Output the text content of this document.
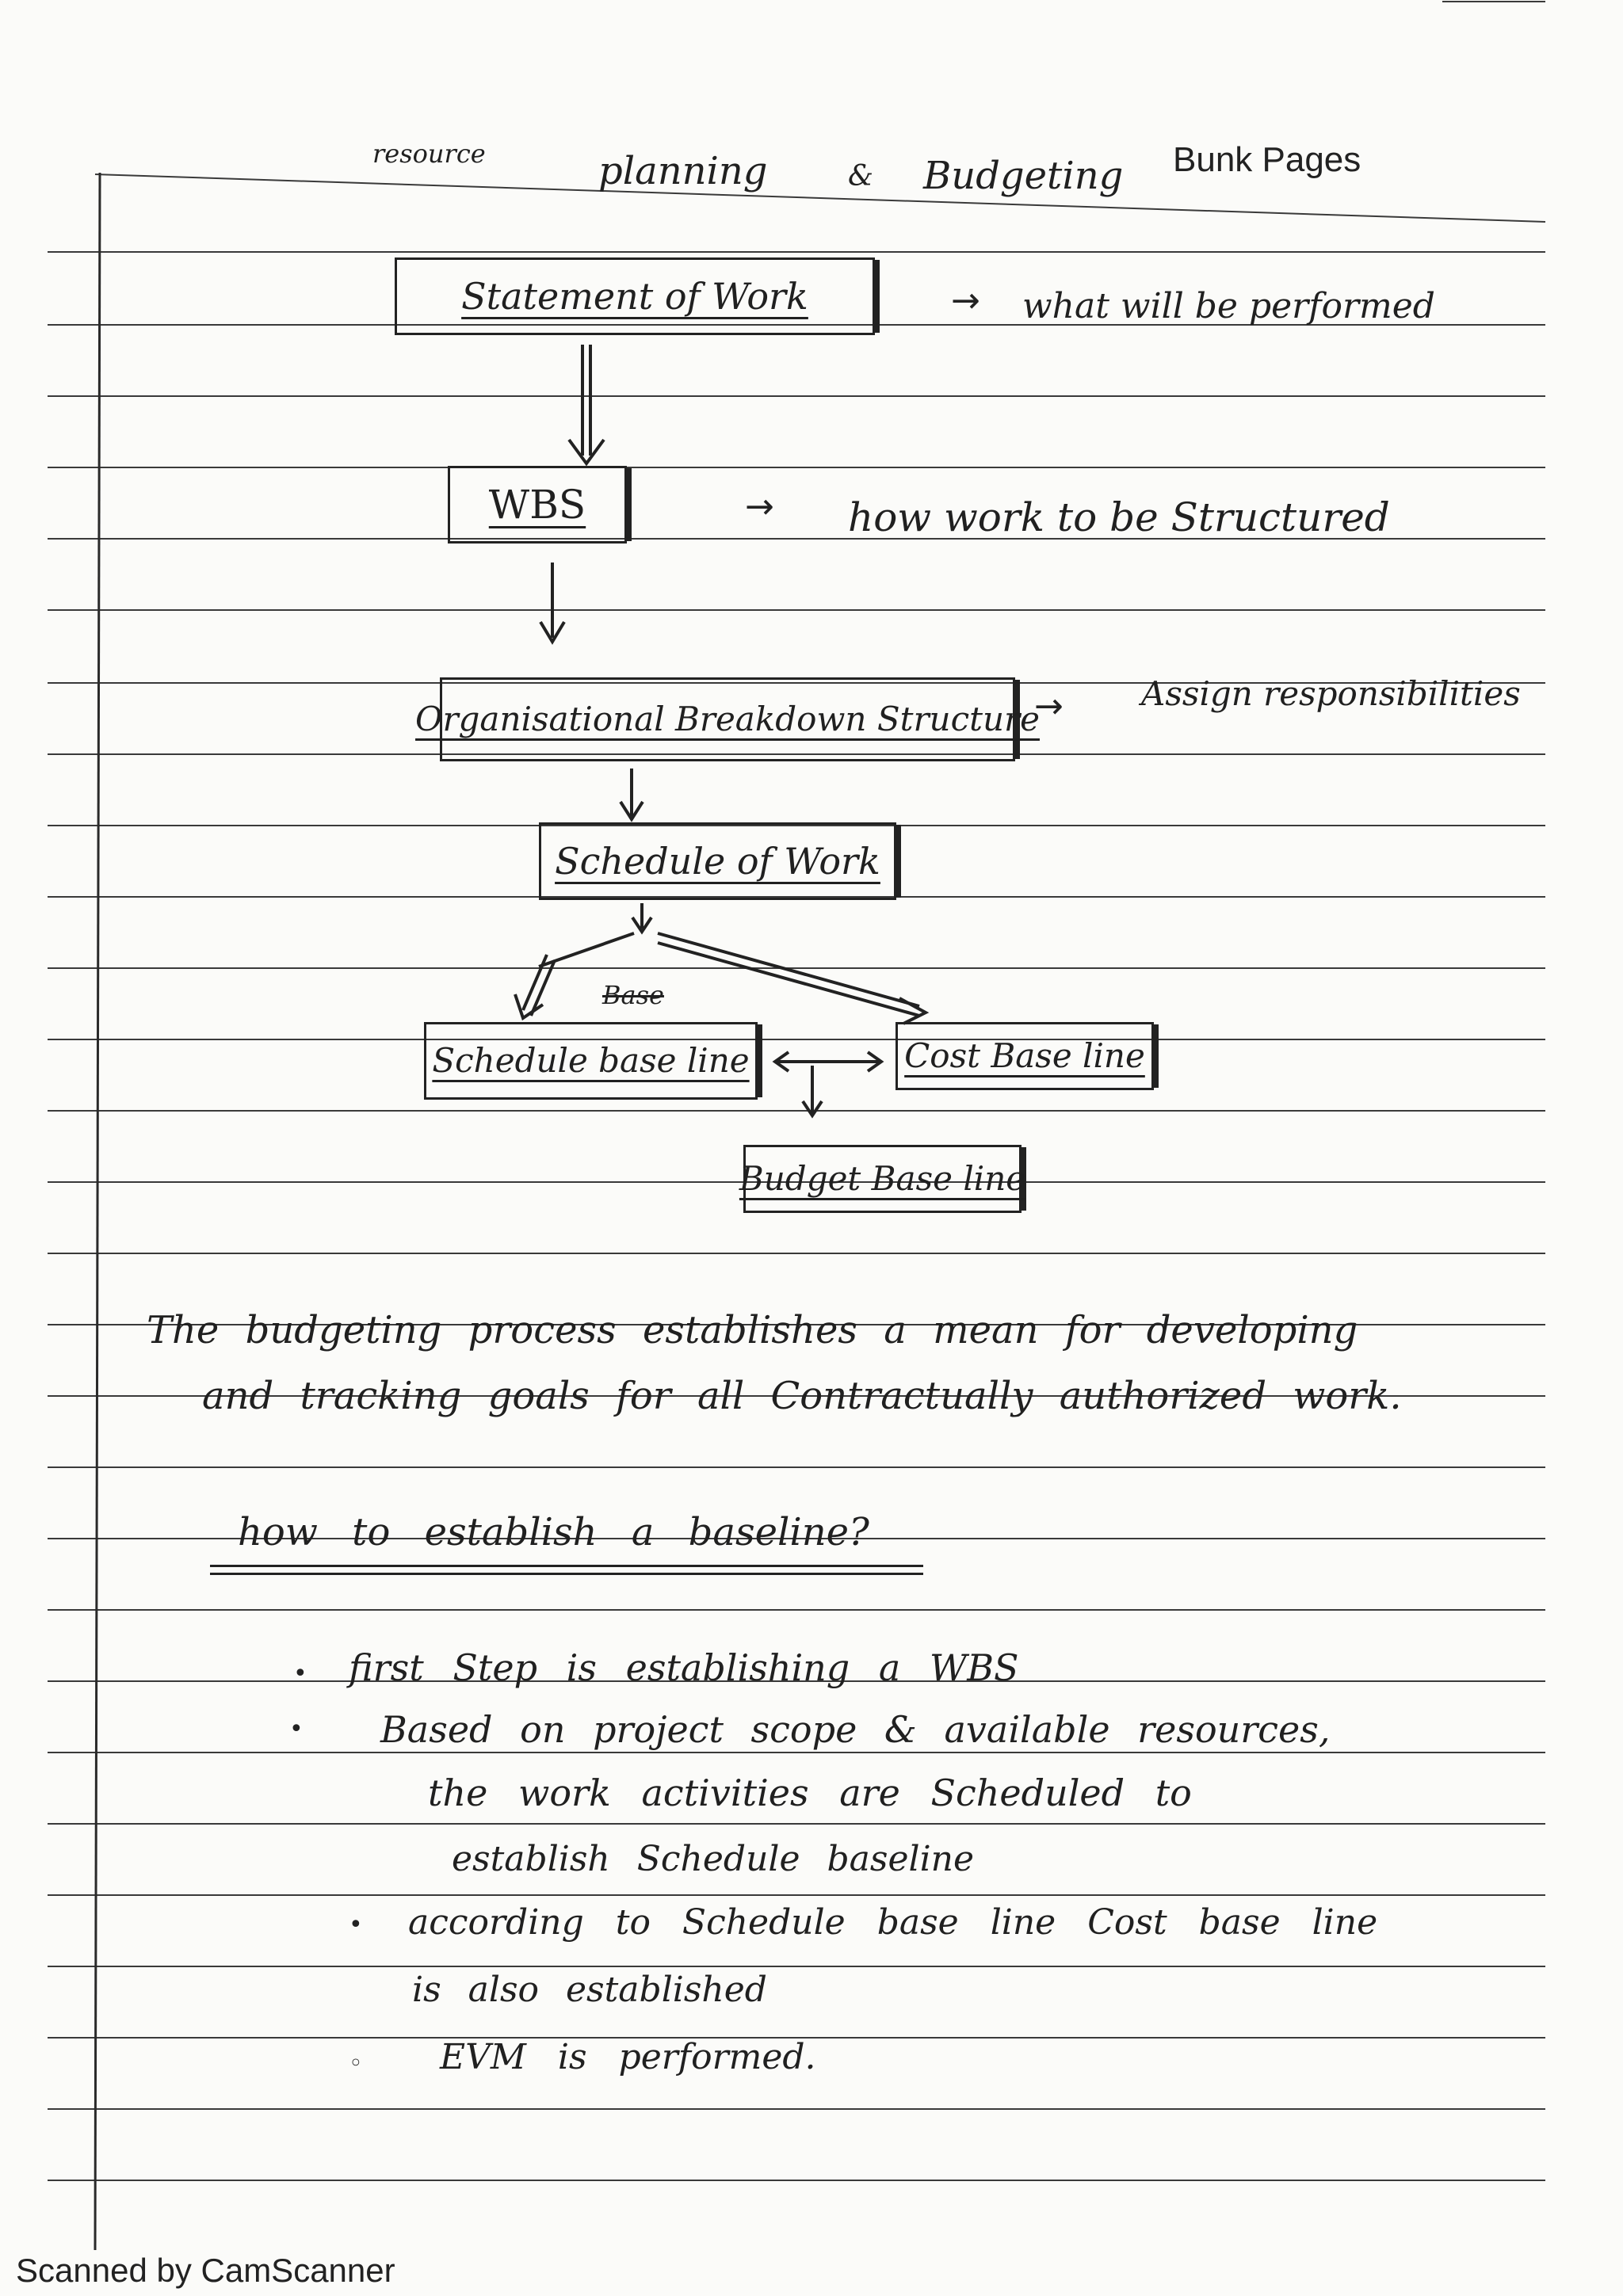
resource	planning	& Budgeting Bunk Pages
Statement of Work	→ what will be performed
WBS	→ how work to be Structured
Organisational Breakdown Structure
→ Assign responsibilities
Schedule of Work
Base
Schedule base line	Cost Base line
Budget Base line
The budgeting process establishes a mean for developing
and tracking goals for all Contractually authorized work.
how to establish a baseline?
• first Step is establishing a WBS
• Based on project scope & available resources,
the work activities are Scheduled to
establish Schedule baseline
• according to Schedule base line Cost base line
is also established
◦ EVM is performed.
Scanned by CamScanner
